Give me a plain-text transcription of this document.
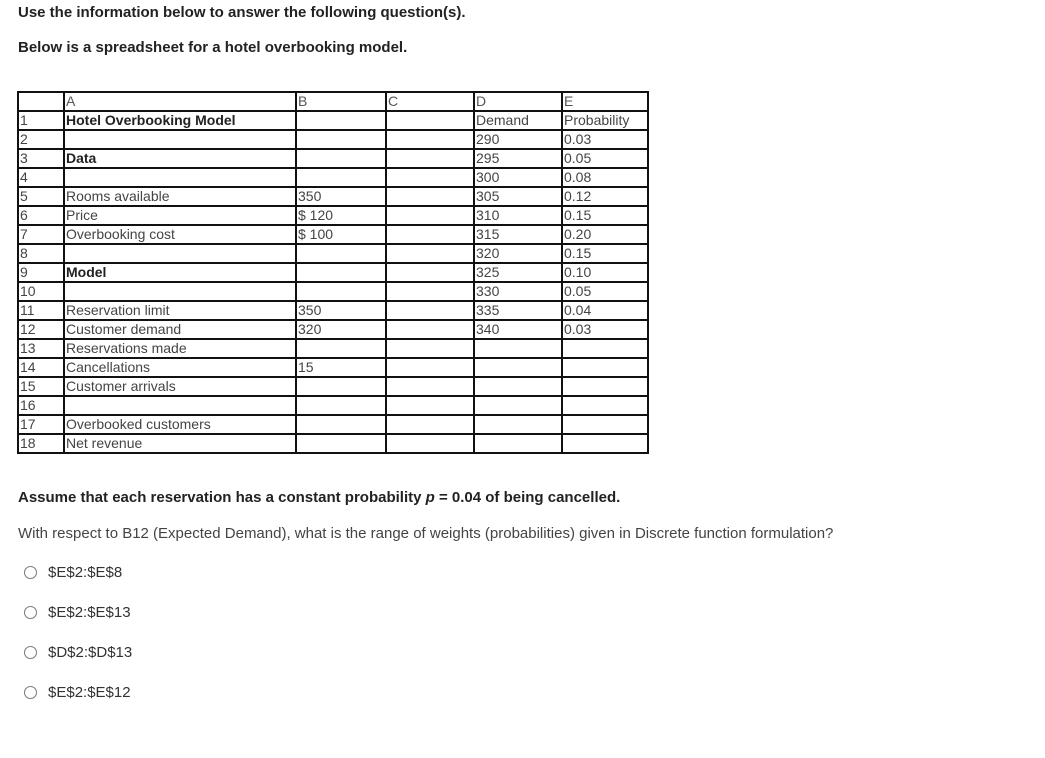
Use the information below to answer the following question(s).
Below is a spreadsheet for a hotel overbooking model.
	A	B	C	D	E
1	Hotel Overbooking Model			Demand	Probability
2				290	0.03
3	Data			295	0.05
4				300	0.08
5	Rooms available	350		305	0.12
6	Price	$ 120		310	0.15
7	Overbooking cost	$ 100		315	0.20
8				320	0.15
9	Model			325	0.10
10				330	0.05
11	Reservation limit	350		335	0.04
12	Customer demand	320		340	0.03
13	Reservations made				
14	Cancellations	15			
15	Customer arrivals				
16					
17	Overbooked customers				
18	Net revenue				
Assume that each reservation has a constant probability p = 0.04 of being cancelled.
With respect to B12 (Expected Demand), what is the range of weights (probabilities) given in Discrete function formulation?
$E$2:$E$8
$E$2:$E$13
$D$2:$D$13
$E$2:$E$12
